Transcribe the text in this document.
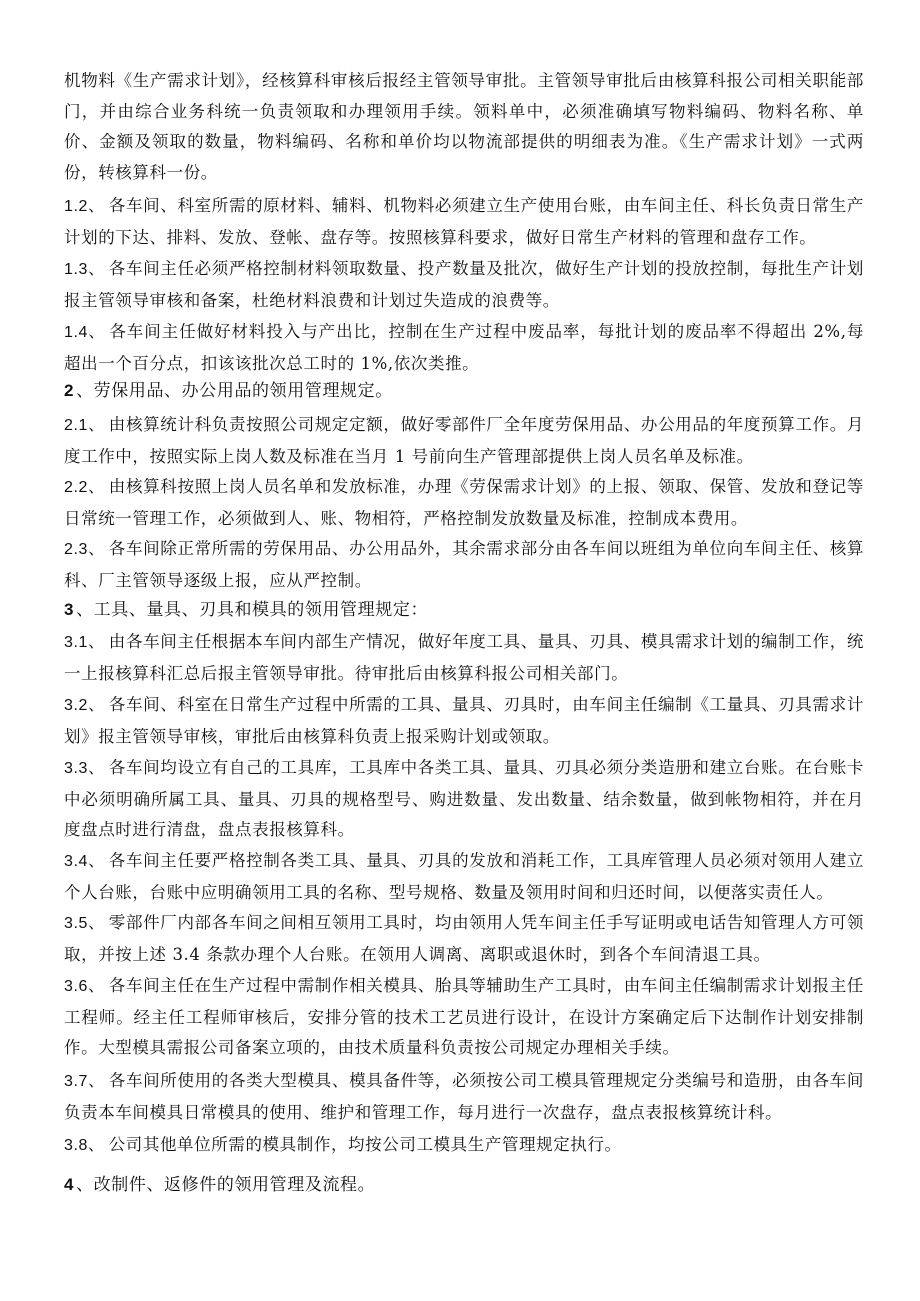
机物料《生产需求计划》，经核算科审核后报经主管领导审批。主管领导审批后由核算科报公司相关职能部门，并由综合业务科统一负责领取和办理领用手续。领料单中，必须准确填写物料编码、物料名称、单价、金额及领取的数量，物料编码、名称和单价均以物流部提供的明细表为准。《生产需求计划》一式两份，转核算科一份。

1.2、 各车间、科室所需的原材料、辅料、机物料必须建立生产使用台账，由车间主任、科长负责日常生产计划的下达、排料、发放、登帐、盘存等。按照核算科要求，做好日常生产材料的管理和盘存工作。

1.3、 各车间主任必须严格控制材料领取数量、投产数量及批次，做好生产计划的投放控制，每批生产计划报主管领导审核和备案，杜绝材料浪费和计划过失造成的浪费等。

1.4、 各车间主任做好材料投入与产出比，控制在生产过程中废品率，每批计划的废品率不得超出 2%,每超出一个百分点，扣该该批次总工时的 1%,依次类推。

2 、劳保用品、办公用品的领用管理规定。

2.1、 由核算统计科负责按照公司规定定额，做好零部件厂全年度劳保用品、办公用品的年度预算工作。月度工作中，按照实际上岗人数及标准在当月 1 号前向生产管理部提供上岗人员名单及标准。

2.2、 由核算科按照上岗人员名单和发放标准，办理《劳保需求计划》的上报、领取、保管、发放和登记等日常统一管理工作，必须做到人、账、物相符，严格控制发放数量及标准，控制成本费用。

2.3、 各车间除正常所需的劳保用品、办公用品外，其余需求部分由各车间以班组为单位向车间主任、核算科、厂主管领导逐级上报，应从严控制。

3 、工具、量具、刃具和模具的领用管理规定：

3.1、 由各车间主任根据本车间内部生产情况，做好年度工具、量具、刃具、模具需求计划的编制工作，统一上报核算科汇总后报主管领导审批。待审批后由核算科报公司相关部门。

3.2、 各车间、科室在日常生产过程中所需的工具、量具、刃具时，由车间主任编制《工量具、刃具需求计划》报主管领导审核，审批后由核算科负责上报采购计划或领取。

3.3、 各车间均设立有自己的工具库，工具库中各类工具、量具、刃具必须分类造册和建立台账。在台账卡中必须明确所属工具、量具、刃具的规格型号、购进数量、发出数量、结余数量，做到帐物相符，并在月度盘点时进行清盘，盘点表报核算科。

3.4、 各车间主任要严格控制各类工具、量具、刃具的发放和消耗工作，工具库管理人员必须对领用人建立个人台账，台账中应明确领用工具的名称、型号规格、数量及领用时间和归还时间，以便落实责任人。

3.5、 零部件厂内部各车间之间相互领用工具时，均由领用人凭车间主任手写证明或电话告知管理人方可领取，并按上述 3.4 条款办理个人台账。在领用人调离、离职或退休时，到各个车间清退工具。

3.6、 各车间主任在生产过程中需制作相关模具、胎具等辅助生产工具时，由车间主任编制需求计划报主任工程师。经主任工程师审核后，安排分管的技术工艺员进行设计，在设计方案确定后下达制作计划安排制作。大型模具需报公司备案立项的，由技术质量科负责按公司规定办理相关手续。

3.7、 各车间所使用的各类大型模具、模具备件等，必须按公司工模具管理规定分类编号和造册，由各车间负责本车间模具日常模具的使用、维护和管理工作，每月进行一次盘存，盘点表报核算统计科。

3.8、 公司其他单位所需的模具制作，均按公司工模具生产管理规定执行。

4 、改制件、返修件的领用管理及流程。
